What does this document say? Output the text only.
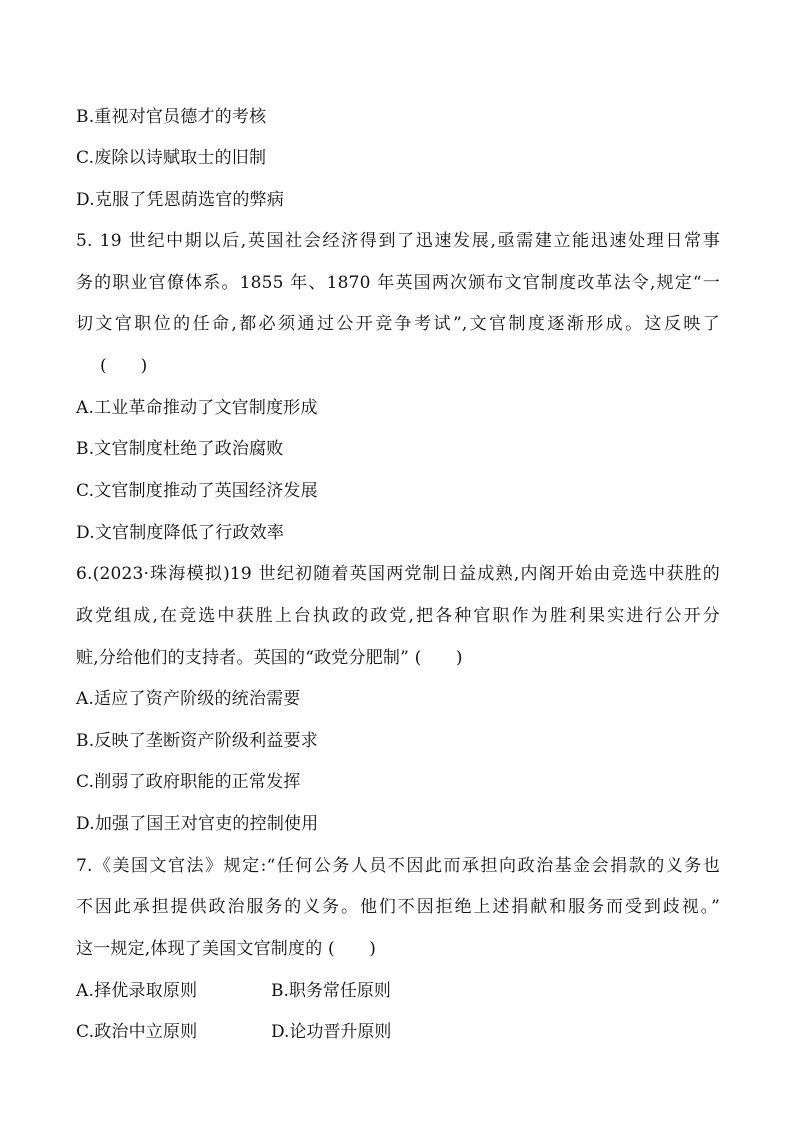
B.重视对官员德才的考核
C.废除以诗赋取士的旧制
D.克服了凭恩荫选官的弊病
5. 19 世纪中期以后,英国社会经济得到了迅速发展,亟需建立能迅速处理日常事
务的职业官僚体系。1855 年、1870 年英国两次颁布文官制度改革法令,规定“一
切文官职位的任命,都必须通过公开竞争考试”,文官制度逐渐形成。这反映了
(　　)
A.工业革命推动了文官制度形成
B.文官制度杜绝了政治腐败
C.文官制度推动了英国经济发展
D.文官制度降低了行政效率
6.(2023·珠海模拟)19 世纪初随着英国两党制日益成熟,内阁开始由竞选中获胜的
政党组成,在竞选中获胜上台执政的政党,把各种官职作为胜利果实进行公开分
赃,分给他们的支持者。英国的“政党分肥制” (　　)
A.适应了资产阶级的统治需要
B.反映了垄断资产阶级利益要求
C.削弱了政府职能的正常发挥
D.加强了国王对官吏的控制使用
7.《美国文官法》规定:“任何公务人员不因此而承担向政治基金会捐款的义务也
不因此承担提供政治服务的义务。他们不因拒绝上述捐献和服务而受到歧视。”
这一规定,体现了美国文官制度的 (　　)
A.择优录取原则	B.职务常任原则
C.政治中立原则	D.论功晋升原则
